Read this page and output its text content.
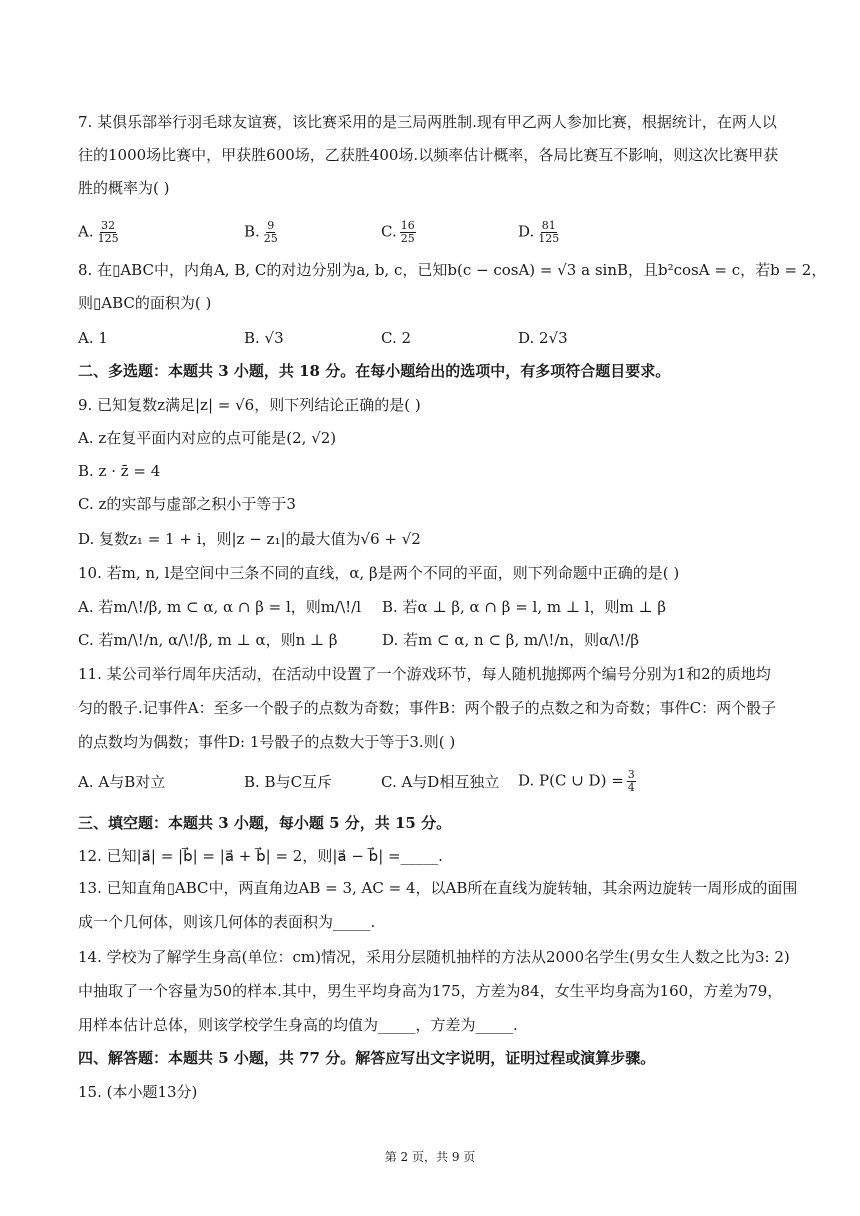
7. 某俱乐部举行羽毛球友谊赛，该比赛采用的是三局两胜制.现有甲乙两人参加比赛，根据统计，在两人以
往的1000场比赛中，甲获胜600场，乙获胜400场.以频率估计概率，各局比赛互不影响，则这次比赛甲获
胜的概率为( )
A. $\frac{32}{125}$	B. $\frac{9}{25}$	C. $\frac{16}{25}$	D. $\frac{81}{125}$
8. 在▯ABC中，内角A, B, C的对边分别为a, b, c，已知b(c − cosA) = √3 a sinB，且b²cosA = c，若b = 2，
则▯ABC的面积为( )
A. 1	B. √3	C. 2	D. 2√3
二、多选题：本题共 3 小题，共 18 分。在每小题给出的选项中，有多项符合题目要求。
9. 已知复数z满足|z| = √6，则下列结论正确的是( )
A. z在复平面内对应的点可能是(2, √2)
B. z · z̄ = 4
C. z的实部与虚部之积小于等于3
D. 复数z₁ = 1 + i，则|z − z₁|的最大值为√6 + √2
10. 若m, n, l是空间中三条不同的直线，α, β是两个不同的平面，则下列命题中正确的是( )
A. 若m/\!/β, m ⊂ α, α ∩ β = l，则m/\!/l B. 若α ⊥ β, α ∩ β = l, m ⊥ l，则m ⊥ β
C. 若m/\!/n, α/\!/β, m ⊥ α，则n ⊥ β	D. 若m ⊂ α, n ⊂ β, m/\!/n，则α/\!/β
11. 某公司举行周年庆活动，在活动中设置了一个游戏环节，每人随机抛掷两个编号分别为1和2的质地均
匀的骰子.记事件A：至多一个骰子的点数为奇数；事件B：两个骰子的点数之和为奇数；事件C：两个骰子
的点数均为偶数；事件D: 1号骰子的点数大于等于3.则( )
A. A与B对立	B. B与C互斥	C. A与D相互独立 D. P(C ∪ $D) = \frac{3}{4}$
三、填空题：本题共 3 小题，每小题 5 分，共 15 分。
12. 已知|a⃗| = |b⃗| = |a⃗ + b⃗| = 2，则|a⃗ − b⃗| =_____.
13. 已知直角▯ABC中，两直角边AB = 3, AC = 4，以AB所在直线为旋转轴，其余两边旋转一周形成的面围
成一个几何体，则该几何体的表面积为_____.
14. 学校为了解学生身高(单位：cm)情况，采用分层随机抽样的方法从2000名学生(男女生人数之比为3: 2)
中抽取了一个容量为50的样本.其中，男生平均身高为175，方差为84，女生平均身高为160，方差为79，
用样本估计总体，则该学校学生身高的均值为_____，方差为_____.
四、解答题：本题共 5 小题，共 77 分。解答应写出文字说明，证明过程或演算步骤。
15. (本小题13分)
第 2 页，共 9 页
